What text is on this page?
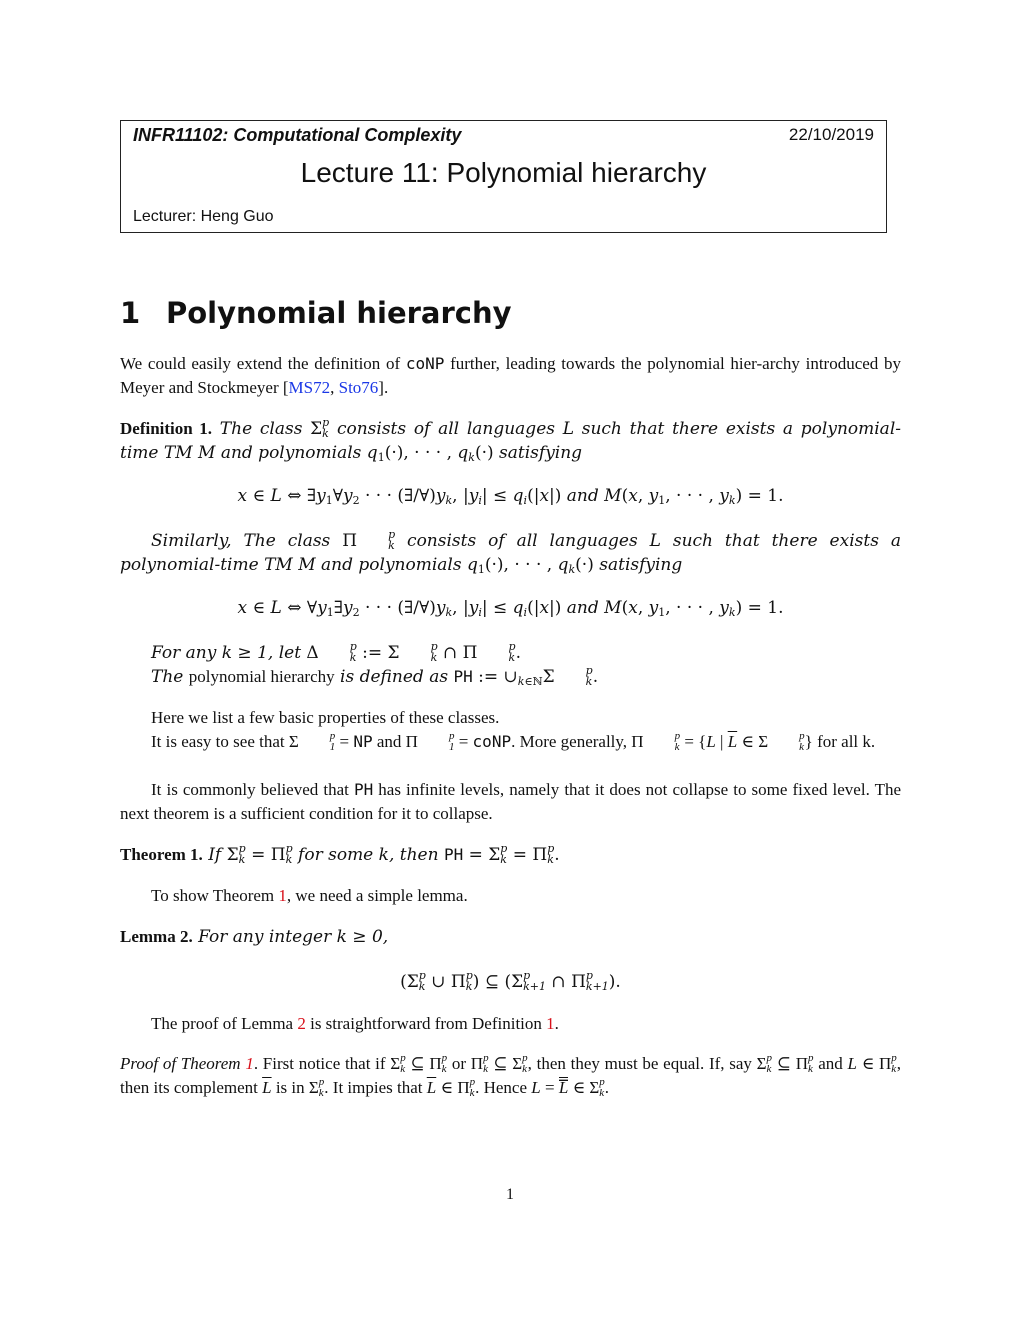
INFR11102: Computational Complexity	22/10/2019
Lecture 11: Polynomial hierarchy
Lecturer: Heng Guo
1 Polynomial hierarchy
We could easily extend the definition of coNP further, leading towards the polynomial hier-archy introduced by Meyer and Stockmeyer [MS72, Sto76].
Definition 1. The class Σ p
k consists of all languages L such that there exists a polynomial-time TM M and polynomials $q_1(\cdot)$, · · · , $q_k(\cdot)$ satisfying
x ∈ L ⇔ $\exists y_1\forall y_2$ · · · $(\exists/\forall)y_k$, $|y_i| \le q_i(|x|)$ and M(x, $y_1$, · · · , $y_k) = 1$.
Similarly, The class Π	p
k consists of all languages L such that there exists a polynomial-time TM M and polynomials $q_1(\cdot)$, · · · , $q_k(\cdot)$ satisfying
x ∈ L ⇔ $\forall y_1\exists y_2$ · · · $(\exists/\forall)y_k$, $|y_i| \le q_i(|x|)$ and M(x, $y_1$, · · · , $y_k) = 1$.
For any k ≥ 1, let Δ	p
k := Σ	p
k ∩ Π	p
k .
The polynomial hierarchy is defined as PH := $\cup_{k\in ℕ}\Sigma$	p
k .
Here we list a few basic properties of these classes.
It is easy to see that Σ	p
1 = NP and Π	p
1 = coNP. More generally, Π	p
k = {L | $\overline{L}$ ∈ Σ	p
k } for all k.
It is commonly believed that PH has infinite levels, namely that it does not collapse to some fixed level. The next theorem is a sufficient condition for it to collapse.
Theorem 1. If Σ p
k = Π p
k for some k, then PH = Σ p
k = Π p
k .
To show Theorem 1, we need a simple lemma.
Lemma 2. For any integer k ≥ 0,
(Σ p
k ∪ Π p
k ) ⊆ (Σ p
k+1 ∩ Π p
k+1 ).
The proof of Lemma 2 is straightforward from Definition 1.
Proof of Theorem 1. First notice that if Σ p
k ⊆ Π p
k or Π p
k ⊆ Σ p
k , then they must be equal. If, say Σ p
k ⊆ Π p
k and L ∈ Π p
k , then its complement $\overline{L}$ is in Σ p
k . It impies that $\overline{L}$ ∈ Π p
k . Hence L = L ∈ Σ p
k .
1
